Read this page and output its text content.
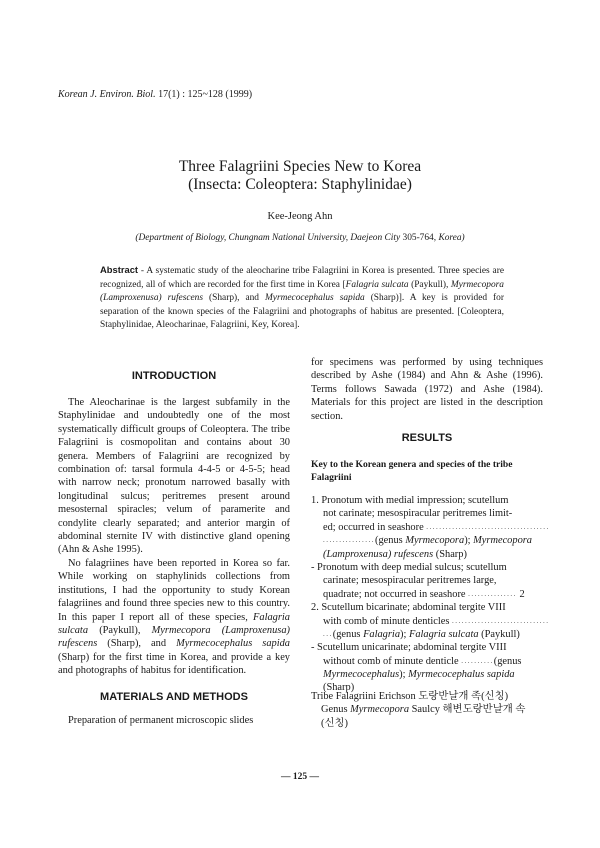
Korean J. Environ. Biol. 17(1) : 125~128 (1999)
Three Falagriini Species New to Korea
(Insecta: Coleoptera: Staphylinidae)
Kee-Jeong Ahn
(Department of Biology, Chungnam National University, Daejeon City 305-764, Korea)
Abstract - A systematic study of the aleocharine tribe Falagriini in Korea is presented. Three species are recognized, all of which are recorded for the first time in Korea [Falagria sulcata (Paykull), Myrmecopora (Lamproxenusa) rufescens (Sharp), and Myrmecocephalus sapida (Sharp)]. A key is provided for separation of the known species of the Falagriini and photographs of habitus are presented. [Coleoptera, Staphylinidae, Aleocharinae, Falagriini, Key, Korea].
INTRODUCTION

The Aleocharinae is the largest subfamily in the Staphylinidae and undoubtedly one of the most systematically difficult groups of Coleoptera. The tribe Falagriini is cosmopolitan and contains about 30 genera. Members of Falagriini are recognized by combination of: tarsal formula 4-4-5 or 4-5-5; head with narrow neck; pronotum narrowed basally with longitudinal sulcus; peritremes present around mesosternal spiracles; velum of paramerite and condylite clearly separated; and anterior margin of abdominal sternite IV with distinctive gland opening (Ahn & Ashe 1995).

No falagriines have been reported in Korea so far. While working on staphylinids collections from institutions, I had the opportunity to study Korean falagriines and found three species new to this country. In this paper I report all of these species, Falagria sulcata (Paykull), Myrmecopora (Lamproxenusa) rufescens (Sharp), and Myrmecocephalus sapida (Sharp) for the first time in Korea, and provide a key and photographs of habitus for identification.

MATERIALS AND METHODS

Preparation of permanent microscopic slides

for specimens was performed by using techniques described by Ashe (1984) and Ahn & Ashe (1996). Terms follows Sawada (1972) and Ashe (1984). Materials for this project are listed in the description section.

RESULTS
Key to the Korean genera and species of the tribe Falagriini
1. Pronotum with medial impression; scutellum
not carinate; mesospiracular peritremes limit-
ed; occurred in seashore ......................................
................(genus Myrmecopora); Myrmecopora
(Lamproxenusa) rufescens (Sharp)
- Pronotum with deep medial sulcus; scutellum
carinate; mesospiracular peritremes large,
quadrate; not occurred in seashore ............... 2
2. Scutellum bicarinate; abdominal tergite VIII
with comb of minute denticles ..............................
...(genus Falagria); Falagria sulcata (Paykull)
- Scutellum unicarinate; abdominal tergite VIII
without comb of minute denticle ..........(genus
Myrmecocephalus); Myrmecocephalus sapida
(Sharp)
Tribe Falagriini Erichson 도랑반날개 족(신칭)
Genus Myrmecopora Saulcy 해변도랑반날개 속
(신칭)
— 125 —
